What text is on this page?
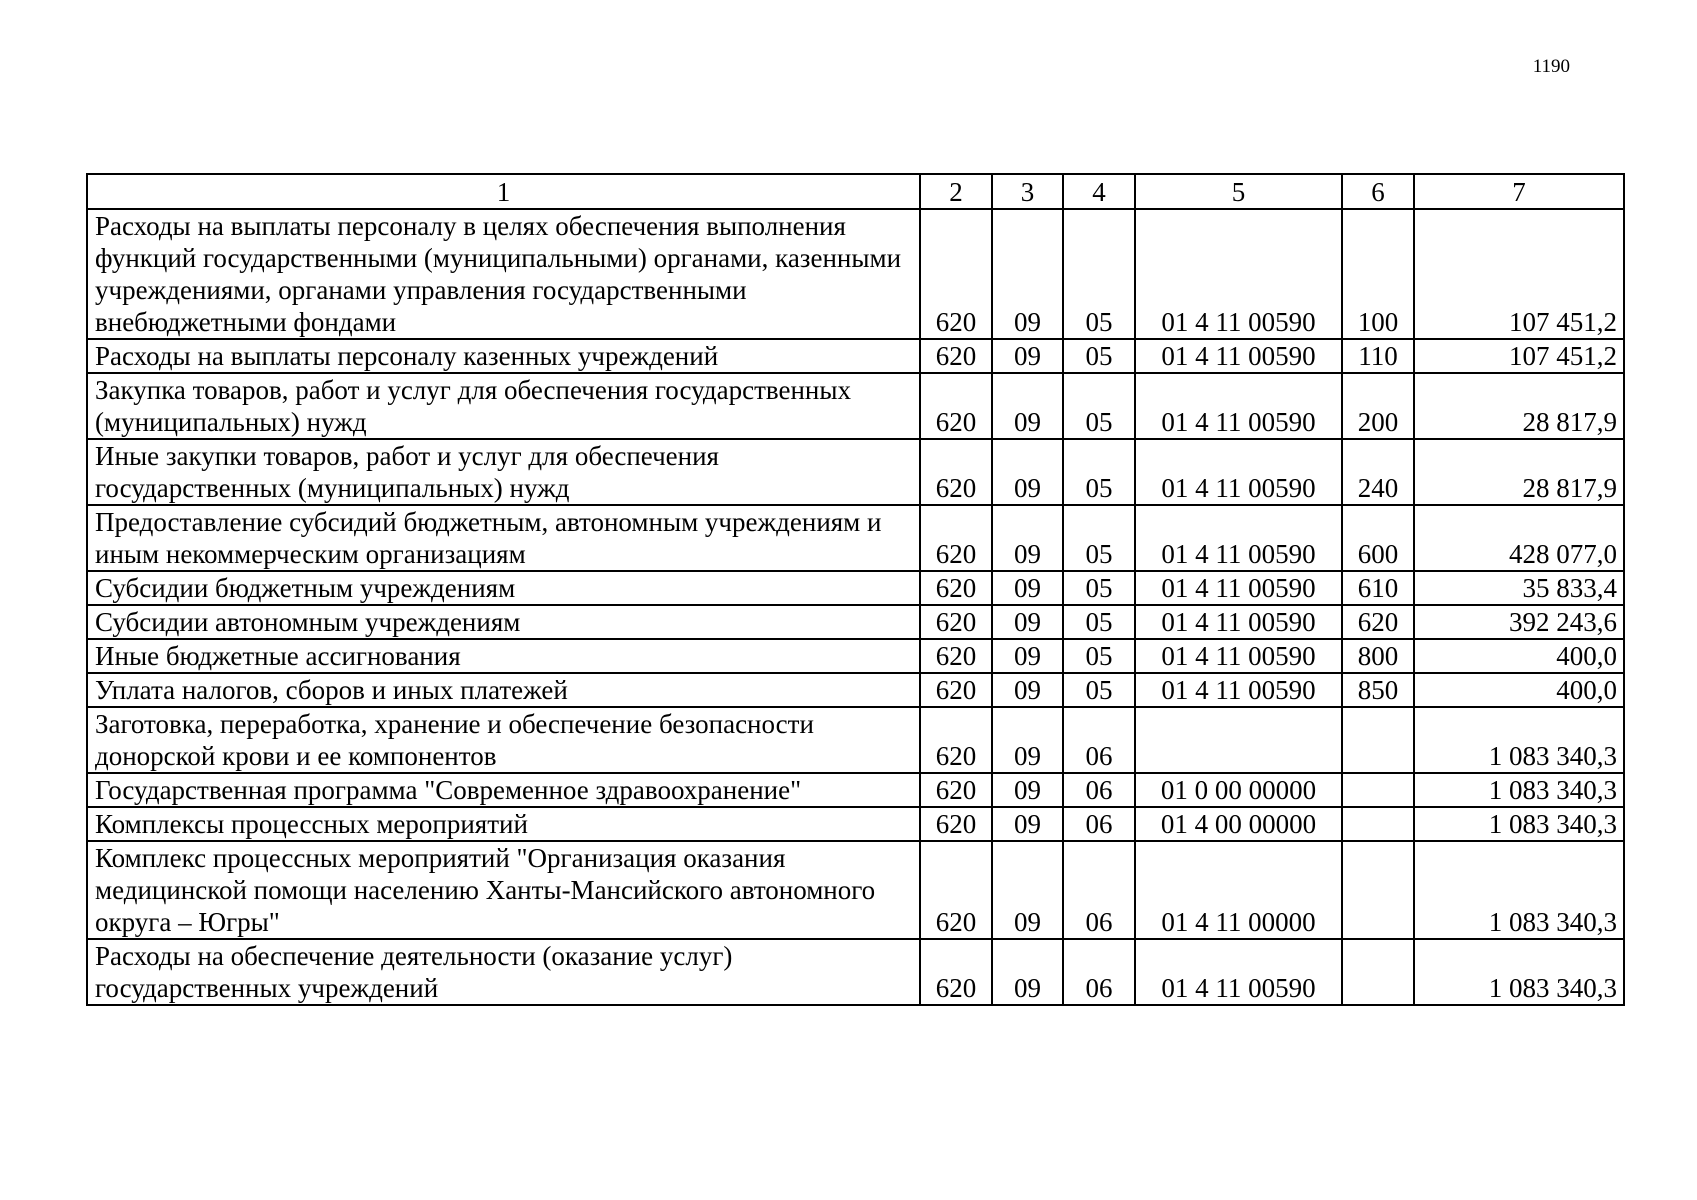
1190
1	2	3	4	5	6	7
Расходы на выплаты персоналу в целях обеспечения выполнения функций государственными (муниципальными) органами, казенными учреждениями, органами управления государственными внебюджетными фондами	620	09	05	01 4 11 00590	100	107 451,2
Расходы на выплаты персоналу казенных учреждений	620	09	05	01 4 11 00590	110	107 451,2
Закупка товаров, работ и услуг для обеспечения государственных (муниципальных) нужд	620	09	05	01 4 11 00590	200	28 817,9
Иные закупки товаров, работ и услуг для обеспечения государственных (муниципальных) нужд	620	09	05	01 4 11 00590	240	28 817,9
Предоставление субсидий бюджетным, автономным учреждениям и иным некоммерческим организациям	620	09	05	01 4 11 00590	600	428 077,0
Субсидии бюджетным учреждениям	620	09	05	01 4 11 00590	610	35 833,4
Субсидии автономным учреждениям	620	09	05	01 4 11 00590	620	392 243,6
Иные бюджетные ассигнования	620	09	05	01 4 11 00590	800	400,0
Уплата налогов, сборов и иных платежей	620	09	05	01 4 11 00590	850	400,0
Заготовка, переработка, хранение и обеспечение безопасности донорской крови и ее компонентов	620	09	06			1 083 340,3
Государственная программа "Современное здравоохранение"	620	09	06	01 0 00 00000		1 083 340,3
Комплексы процессных мероприятий	620	09	06	01 4 00 00000		1 083 340,3
Комплекс процессных мероприятий "Организация оказания медицинской помощи населению Ханты-Мансийского автономного округа – Югры"	620	09	06	01 4 11 00000		1 083 340,3
Расходы на обеспечение деятельности (оказание услуг) государственных учреждений	620	09	06	01 4 11 00590		1 083 340,3
